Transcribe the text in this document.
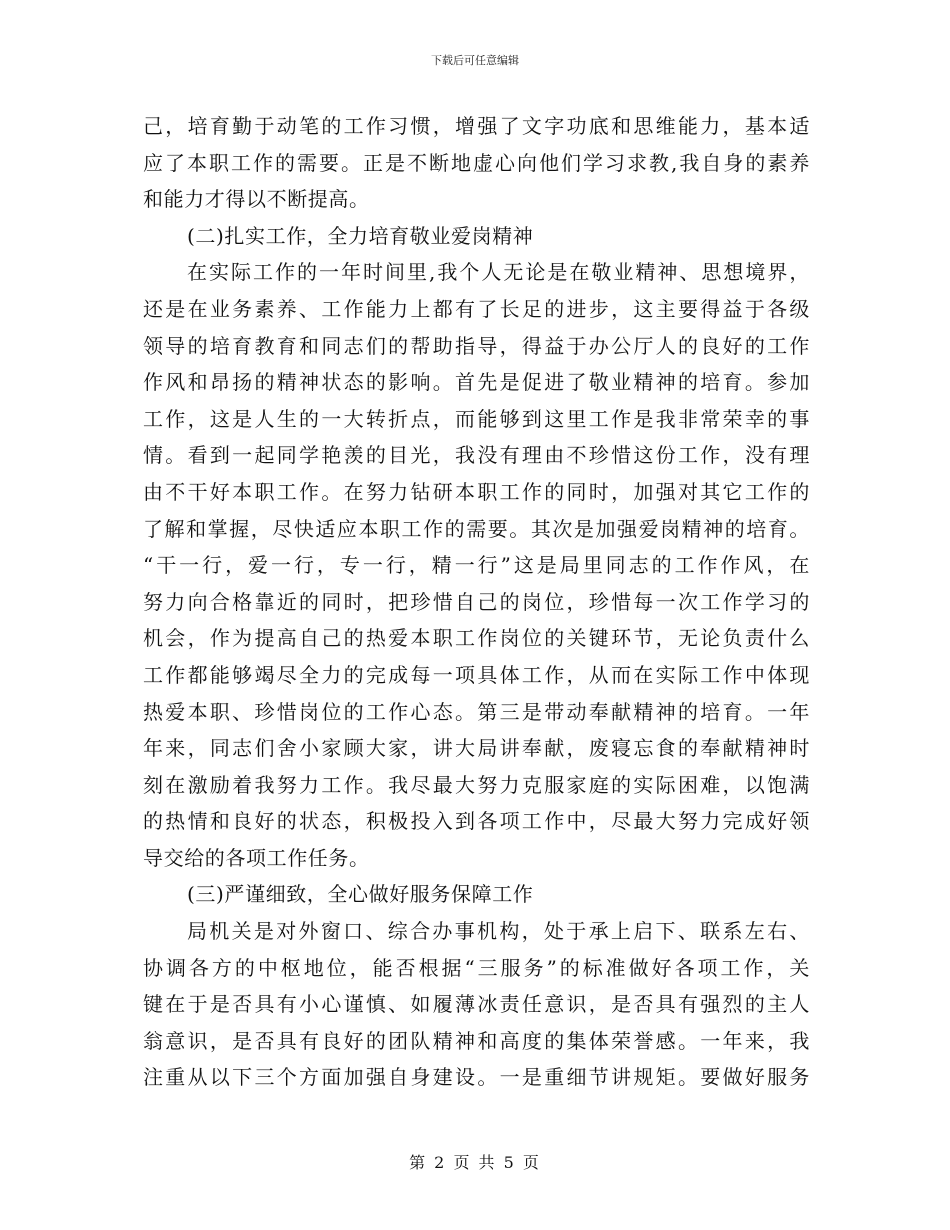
下载后可任意编辑
己，培育勤于动笔的工作习惯，增强了文字功底和思维能力，基本适
应了本职工作的需要。正是不断地虚心向他们学习求教,我自身的素养
和能力才得以不断提高。
(二)扎实工作，全力培育敬业爱岗精神
在实际工作的一年时间里,我个人无论是在敬业精神、思想境界，
还是在业务素养、工作能力上都有了长足的进步，这主要得益于各级
领导的培育教育和同志们的帮助指导，得益于办公厅人的良好的工作
作风和昂扬的精神状态的影响。首先是促进了敬业精神的培育。参加
工作，这是人生的一大转折点，而能够到这里工作是我非常荣幸的事
情。看到一起同学艳羡的目光，我没有理由不珍惜这份工作，没有理
由不干好本职工作。在努力钻研本职工作的同时，加强对其它工作的
了解和掌握，尽快适应本职工作的需要。其次是加强爱岗精神的培育。
“干一行，爱一行，专一行，精一行”这是局里同志的工作作风，在
努力向合格靠近的同时，把珍惜自己的岗位，珍惜每一次工作学习的
机会，作为提高自己的热爱本职工作岗位的关键环节，无论负责什么
工作都能够竭尽全力的完成每一项具体工作，从而在实际工作中体现
热爱本职、珍惜岗位的工作心态。第三是带动奉献精神的培育。一年
年来，同志们舍小家顾大家，讲大局讲奉献，废寝忘食的奉献精神时
刻在激励着我努力工作。我尽最大努力克服家庭的实际困难，以饱满
的热情和良好的状态，积极投入到各项工作中，尽最大努力完成好领
导交给的各项工作任务。
(三)严谨细致，全心做好服务保障工作
局机关是对外窗口、综合办事机构，处于承上启下、联系左右、
协调各方的中枢地位，能否根据“三服务”的标准做好各项工作，关
键在于是否具有小心谨慎、如履薄冰责任意识，是否具有强烈的主人
翁意识，是否具有良好的团队精神和高度的集体荣誉感。一年来，我
注重从以下三个方面加强自身建设。一是重细节讲规矩。要做好服务
第 2 页 共 5 页
